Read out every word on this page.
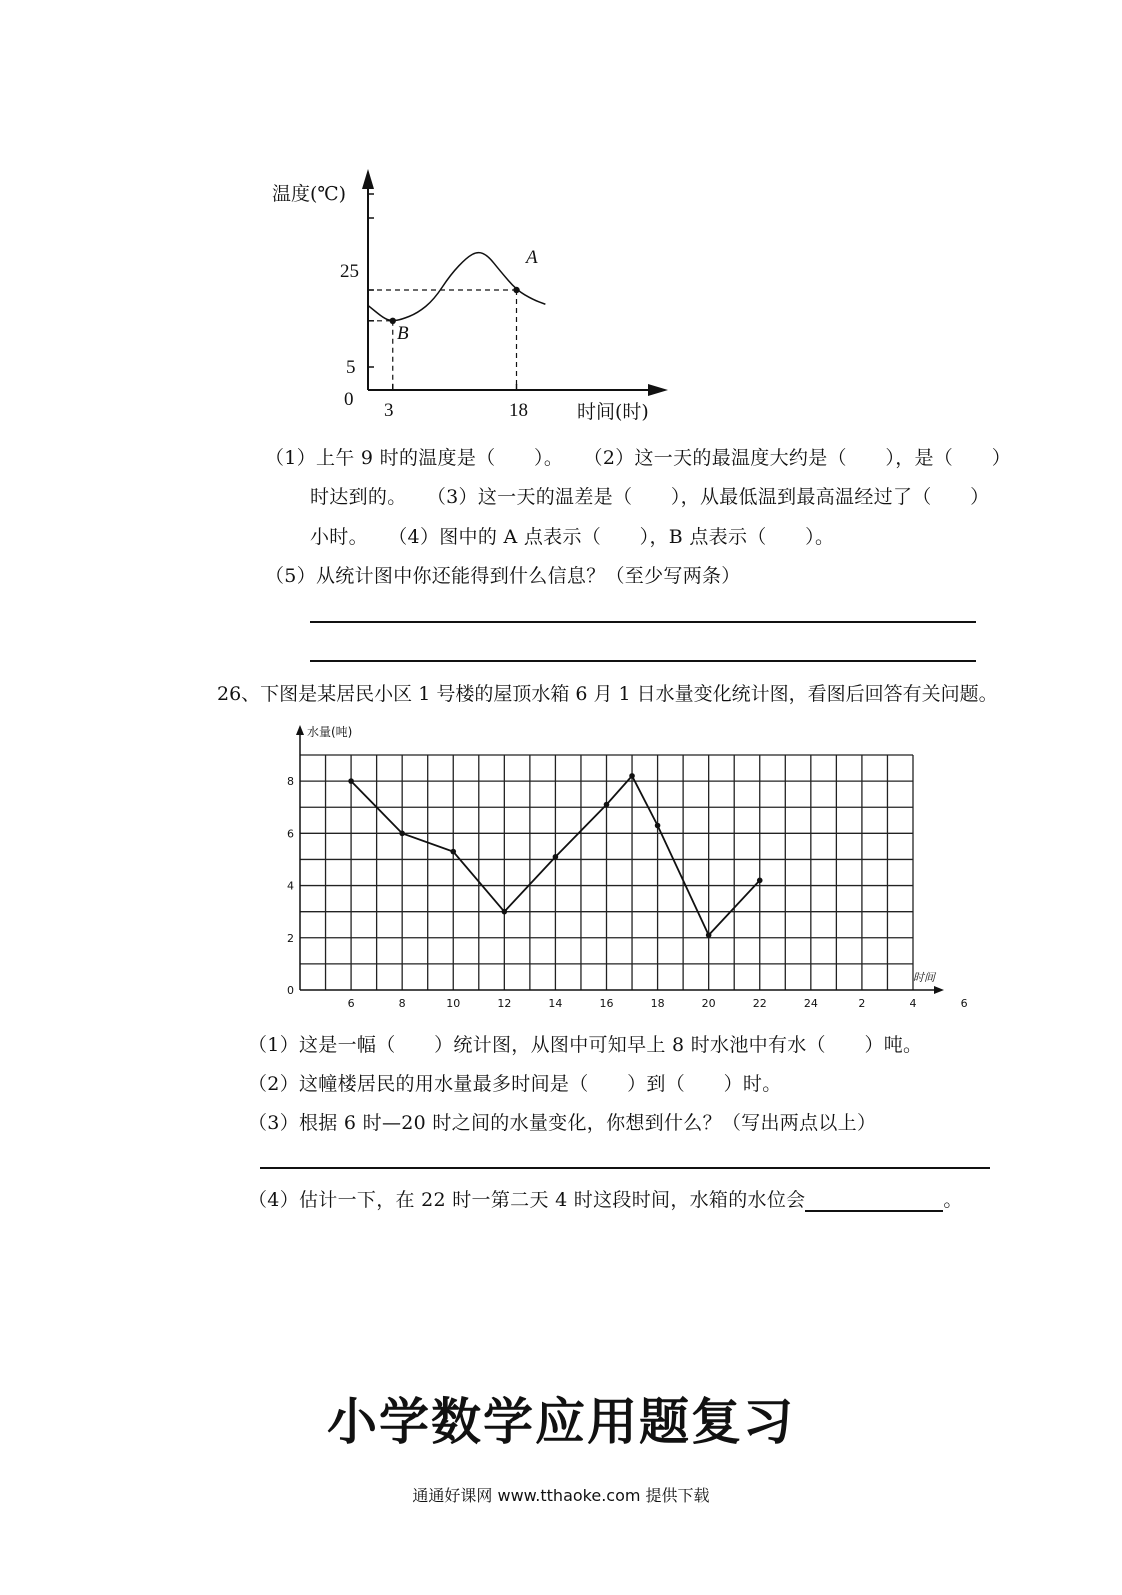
温度(℃)
时间(时)
25
5
0
3	18
A
B
（1）上午 9 时的温度是（　　）。 （2）这一天的最温度大约是（　　），是（　　）
时达到的。 （3）这一天的温差是（　　），从最低温到最高温经过了（　　）
小时。 （4）图中的 A 点表示（　　），B 点表示（　　）。
（5）从统计图中你还能得到什么信息？（至少写两条）
26、下图是某居民小区 1 号楼的屋顶水箱 6 月 1 日水量变化统计图，看图后回答有关问题。
6	8	10	12	14	16	18	20	22	24	2	4	6
0
2
4
6
8
水量(吨)
时间
（1）这是一幅（　　）统计图，从图中可知早上 8 时水池中有水（　　）吨。
（2）这幢楼居民的用水量最多时间是（　　）到（　　）时。
（3）根据 6 时—20 时之间的水量变化，你想到什么？（写出两点以上）
（4）估计一下，在 22 时一第二天 4 时这段时间，水箱的水位会	。
小学数学应用题复习
通通好课网 www.tthaoke.com 提供下载
